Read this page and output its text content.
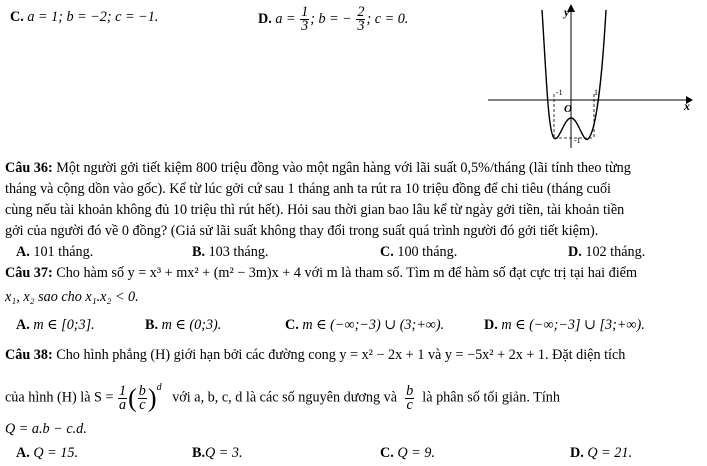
C. a = 1; b = −2; c = −1.	D. $a = \frac{1}{3}$ ; b = − $\frac{2}{3}$ ; c = 0.	y
x
O
-1	1
-1
Câu 36: Một người gởi tiết kiệm 800 triệu đồng vào một ngân hàng với lãi suất 0,5%/tháng (lãi tính theo từng
tháng và cộng dồn vào gốc). Kể từ lúc gởi cứ sau 1 tháng anh ta rút ra 10 triệu đồng để chi tiêu (tháng cuối
cùng nếu tài khoản không đủ 10 triệu thì rút hết). Hỏi sau thời gian bao lâu kể từ ngày gởi tiền, tài khoản tiền
gởi của người đó về 0 đồng? (Giả sử lãi suất không thay đổi trong suất quá trình người đó gởi tiết kiệm).
A. 101 tháng.	B. 103 tháng.	C. 100 tháng.	D. 102 tháng.
Câu 37: Cho hàm số y = x³ + mx² + (m² − 3m)x + 4 với m là tham số. Tìm m để hàm số đạt cực trị tại hai điểm
x₁, x₂ sao cho x₁.x₂ < 0.
A. m ∈ [0;3].	B. m ∈ (0;3).	C. m ∈ (−∞;−3) ∪ (3;+∞).	D. m ∈ (−∞;−3] ∪ [3;+∞).
Câu 38: Cho hình phẳng (H) giới hạn bởi các đường cong y = x² − 2x + 1 và y = −5x² + 2x + 1. Đặt diện tích
của hình (H) là $S = \frac{1}{a}$ ( $\frac{b}{c} )^d$   với a, b, c, d là các số nguyên dương và $\frac{b}{c}$ là phân số tối giản. Tính
Q = a.b − c.d.
A. Q = 15.	B.Q = 3.	C. Q = 9.	D. Q = 21.
